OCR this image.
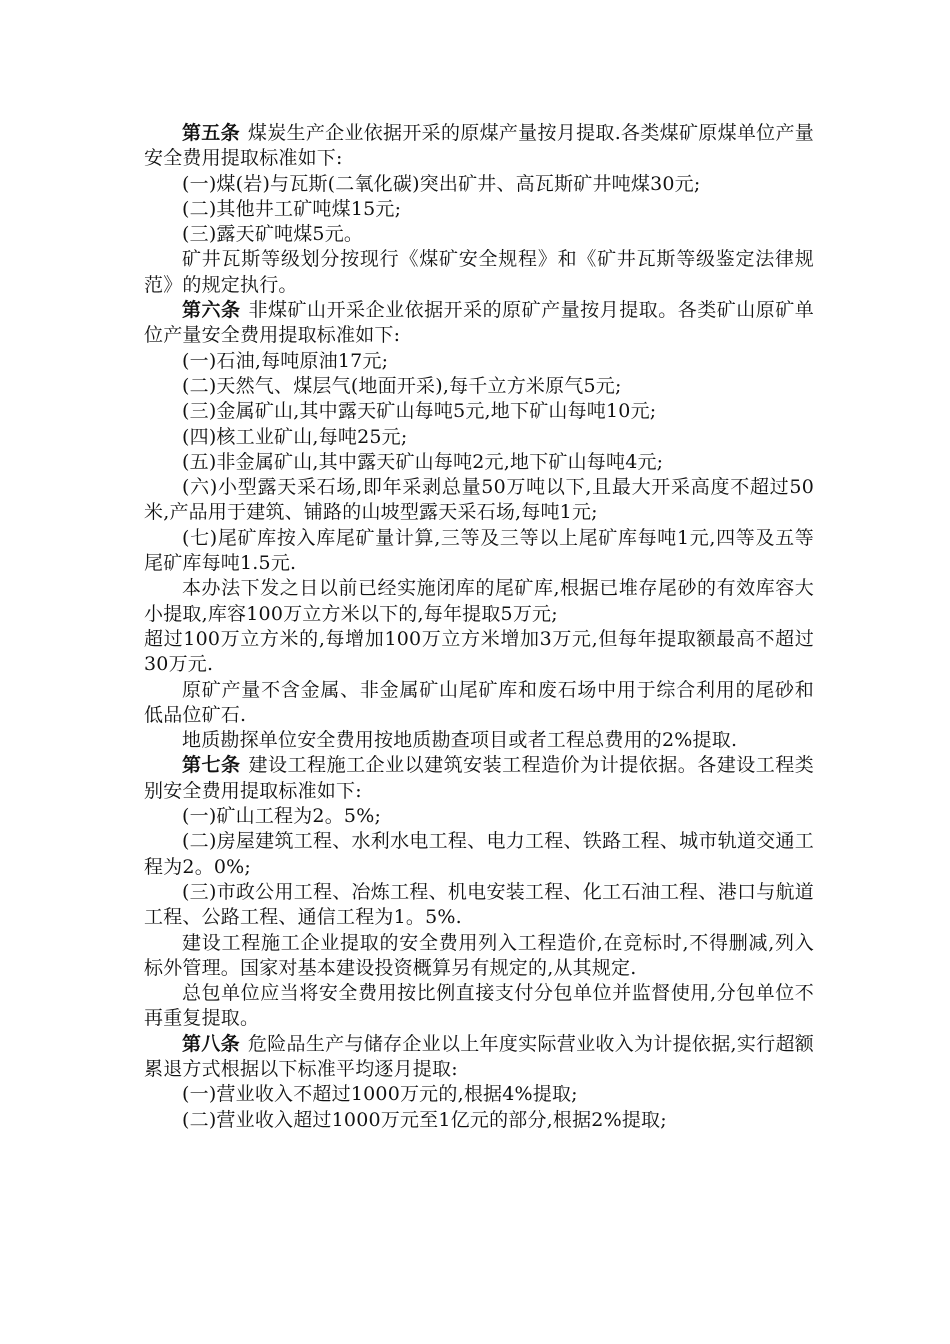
第五条 煤炭生产企业依据开采的原煤产量按月提取.各类煤矿原煤单位产量安全费用提取标准如下:

(一)煤(岩)与瓦斯(二氧化碳)突出矿井、高瓦斯矿井吨煤30元;

(二)其他井工矿吨煤15元;

(三)露天矿吨煤5元。

矿井瓦斯等级划分按现行《煤矿安全规程》和《矿井瓦斯等级鉴定法律规范》的规定执行。

第六条 非煤矿山开采企业依据开采的原矿产量按月提取。各类矿山原矿单位产量安全费用提取标准如下:

(一)石油,每吨原油17元;

(二)天然气、煤层气(地面开采),每千立方米原气5元;

(三)金属矿山,其中露天矿山每吨5元,地下矿山每吨10元;

(四)核工业矿山,每吨25元;

(五)非金属矿山,其中露天矿山每吨2元,地下矿山每吨4元;

(六)小型露天采石场,即年采剥总量50万吨以下,且最大开采高度不超过50米,产品用于建筑、铺路的山坡型露天采石场,每吨1元;

(七)尾矿库按入库尾矿量计算,三等及三等以上尾矿库每吨1元,四等及五等尾矿库每吨1.5元.

本办法下发之日以前已经实施闭库的尾矿库,根据已堆存尾砂的有效库容大小提取,库容100万立方米以下的,每年提取5万元;

超过100万立方米的,每增加100万立方米增加3万元,但每年提取额最高不超过30万元.

原矿产量不含金属、非金属矿山尾矿库和废石场中用于综合利用的尾砂和低品位矿石.

地质勘探单位安全费用按地质勘查项目或者工程总费用的2%提取.

第七条 建设工程施工企业以建筑安装工程造价为计提依据。各建设工程类别安全费用提取标准如下:

(一)矿山工程为2。5%;

(二)房屋建筑工程、水利水电工程、电力工程、铁路工程、城市轨道交通工程为2。0%;

(三)市政公用工程、冶炼工程、机电安装工程、化工石油工程、港口与航道工程、公路工程、通信工程为1。5%.

建设工程施工企业提取的安全费用列入工程造价,在竞标时,不得删减,列入标外管理。国家对基本建设投资概算另有规定的,从其规定.

总包单位应当将安全费用按比例直接支付分包单位并监督使用,分包单位不再重复提取。

第八条 危险品生产与储存企业以上年度实际营业收入为计提依据,实行超额累退方式根据以下标准平均逐月提取:

(一)营业收入不超过1000万元的,根据4%提取;

(二)营业收入超过1000万元至1亿元的部分,根据2%提取;
